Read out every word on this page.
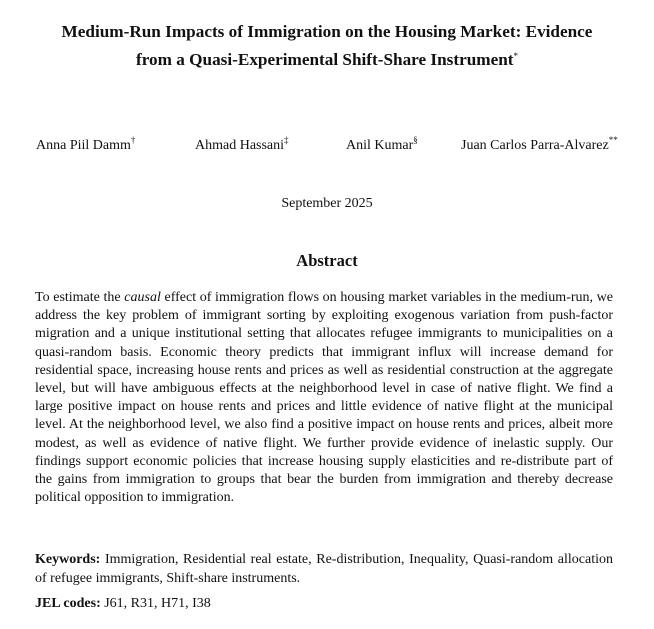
Medium-Run Impacts of Immigration on the Housing Market: Evidence
from a Quasi-Experimental Shift-Share Instrument*
Anna Piil Damm†	Ahmad Hassani‡	Anil Kumar§	Juan Carlos Parra-Alvarez**
September 2025
Abstract

To estimate the causal effect of immigration flows on housing market variables in the medium-run, we address the key problem of immigrant sorting by exploiting exogenous variation from push-factor migration and a unique institutional setting that allocates refugee immigrants to municipalities on a quasi-random basis. Economic theory predicts that immigrant influx will increase demand for residential space, increasing house rents and prices as well as residential construction at the aggregate level, but will have ambiguous effects at the neighborhood level in case of native flight. We find a large positive impact on house rents and prices and little evidence of native flight at the municipal level. At the neighborhood level, we also find a positive impact on house rents and prices, albeit more modest, as well as evidence of native flight. We further provide evidence of inelastic supply. Our findings support economic policies that increase housing supply elasticities and re-distribute part of the gains from immigration to groups that bear the burden from immigration and thereby decrease political opposition to immigration.

Keywords: Immigration, Residential real estate, Re-distribution, Inequality, Quasi-random allocation of refugee immigrants, Shift-share instruments.

JEL codes: J61, R31, H71, I38
